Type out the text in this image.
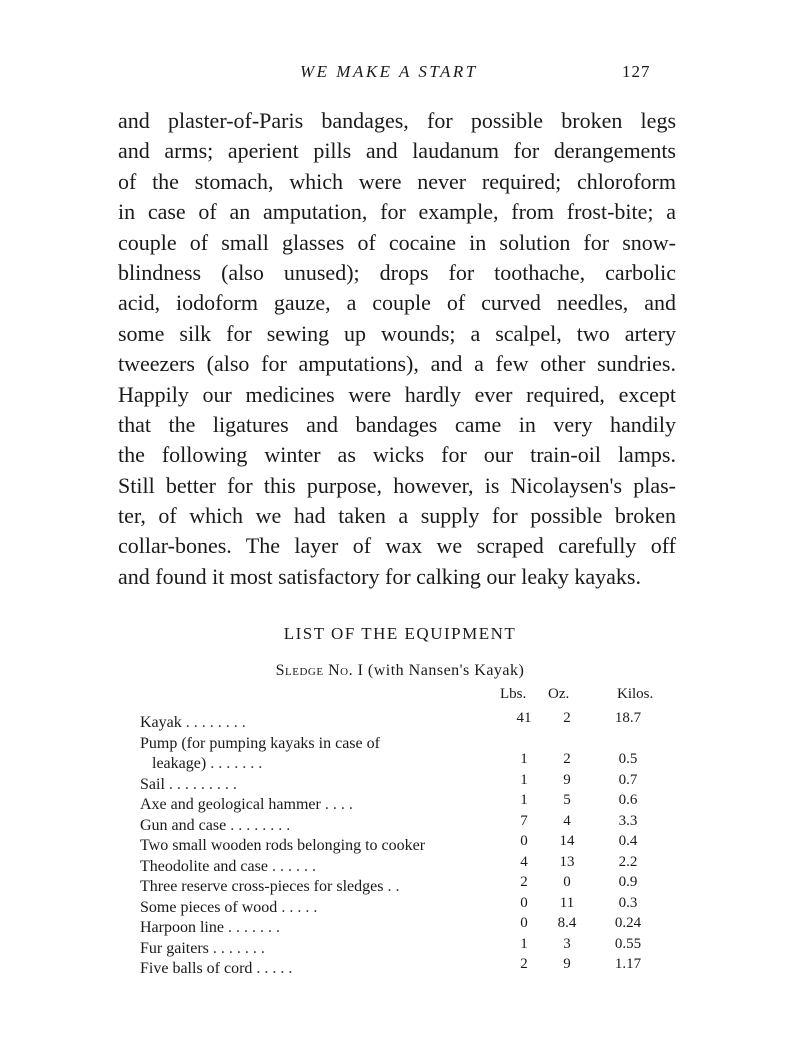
WE MAKE A START	127
and plaster-of-Paris bandages, for possible broken legs
and arms; aperient pills and laudanum for derangements
of the stomach, which were never required; chloroform
in case of an amputation, for example, from frost-bite; a
couple of small glasses of cocaine in solution for snow-
blindness (also unused); drops for toothache, carbolic
acid, iodoform gauze, a couple of curved needles, and
some silk for sewing up wounds; a scalpel, two artery
tweezers (also for amputations), and a few other sundries.
Happily our medicines were hardly ever required, except
that the ligatures and bandages came in very handily
the following winter as wicks for our train-oil lamps.
Still better for this purpose, however, is Nicolaysen's plas-
ter, of which we had taken a supply for possible broken
collar-bones. The layer of wax we scraped carefully off
and found it most satisfactory for calking our leaky kayaks.
LIST OF THE EQUIPMENT
Sledge No. I (with Nansen's Kayak)
Lbs. Oz.	Kilos.
Kayak . . . . . . . .
Pump (for pumping kayaks in case of
leakage) . . . . . . .
Sail . . . . . . . . .
Axe and geological hammer . . . .
Gun and case . . . . . . . .
Two small wooden rods belonging to cooker
Theodolite and case . . . . . .
Three reserve cross-pieces for sledges . .
Some pieces of wood . . . . .
Harpoon line . . . . . . .
Fur gaiters . . . . . . .
Five balls of cord . . . . .
41
1
1
1
7
0
4
2
0
0
1
2
2
2
9
5
4
14
13
0
11
8.4
3
9
18.7
0.5
0.7
0.6
3.3
0.4
2.2
0.9
0.3
0.24
0.55
1.17
